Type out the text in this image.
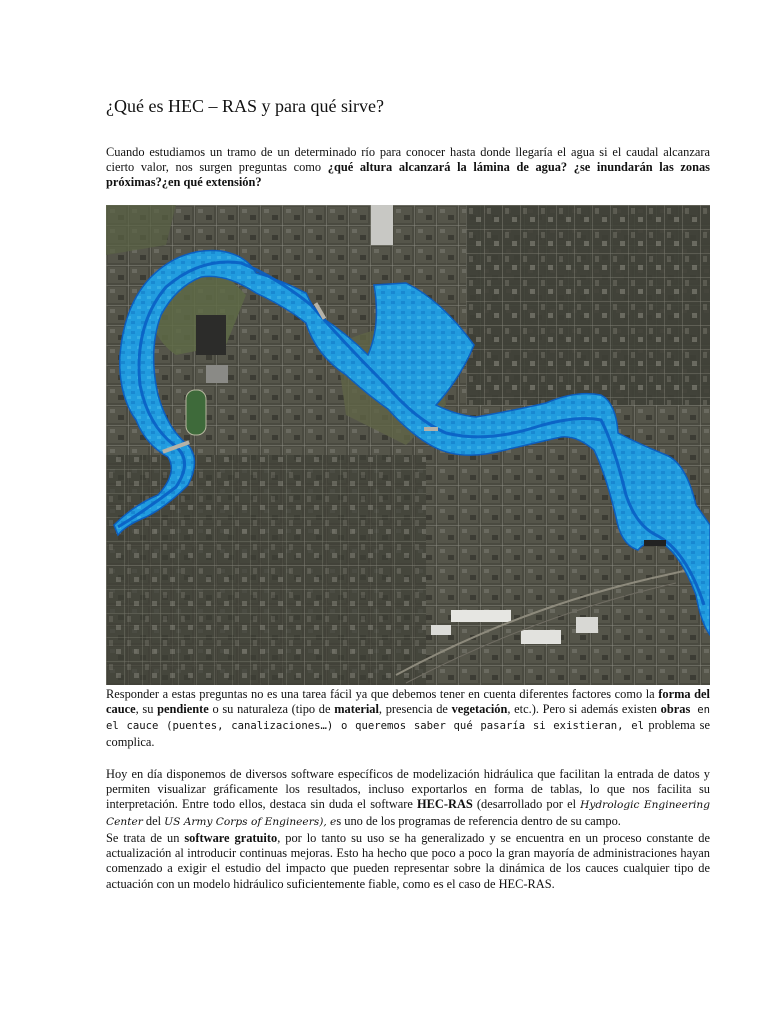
¿Qué es HEC – RAS y para qué sirve?

Cuando estudiamos un tramo de un determinado río para conocer hasta donde llegaría el agua si el caudal alcanzara cierto valor, nos surgen preguntas como ¿qué altura alcanzará la lámina de agua? ¿se inundarán las zonas próximas?¿en qué extensión?

Responder a estas preguntas no es una tarea fácil ya que debemos tener en cuenta diferentes factores como la forma del cauce, su pendiente o su naturaleza (tipo de material, presencia de vegetación, etc.). Pero si además existen obras en el cauce (puentes, canalizaciones…) o queremos saber qué pasaría si existieran, el problema se complica.

Hoy en día disponemos de diversos software específicos de modelización hidráulica que facilitan la entrada de datos y permiten visualizar gráficamente los resultados, incluso exportarlos en forma de tablas, lo que nos facilita su interpretación. Entre todo ellos, destaca sin duda el software HEC-RAS (desarrollado por el Hydrologic Engineering Center del US Army Corps of Engineers), es uno de los programas de referencia dentro de su campo.

Se trata de un software gratuito, por lo tanto su uso se ha generalizado y se encuentra en un proceso constante de actualización al introducir continuas mejoras. Esto ha hecho que poco a poco la gran mayoría de administraciones hayan comenzado a exigir el estudio del impacto que pueden representar sobre la dinámica de los cauces cualquier tipo de actuación con un modelo hidráulico suficientemente fiable, como es el caso de HEC-RAS.
